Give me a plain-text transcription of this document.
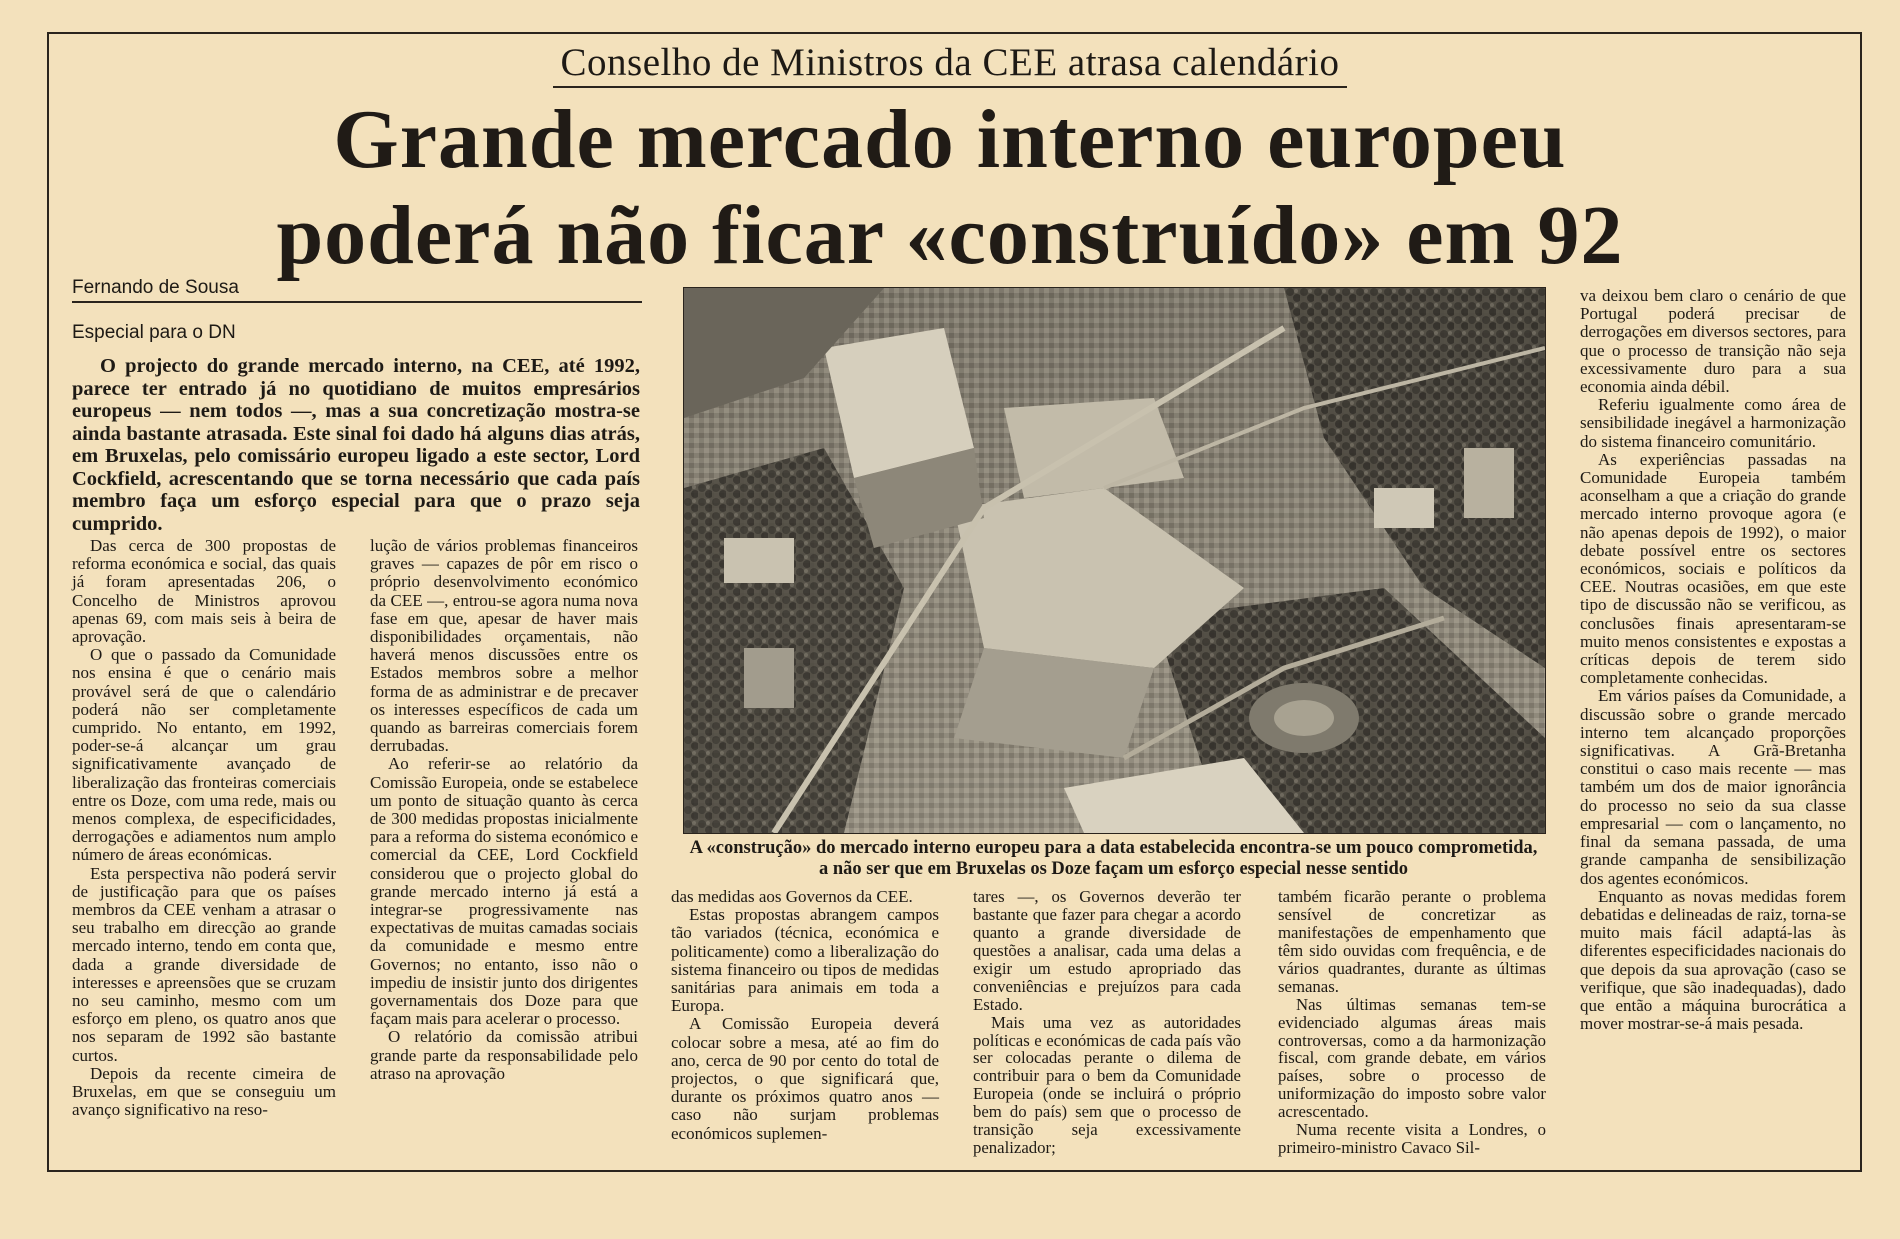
Conselho de Ministros da CEE atrasa calendário
Grande mercado interno europeu
poderá não ficar «construído» em 92
Fernando de Sousa
Especial para o DN

O projecto do grande mercado interno, na CEE, até 1992, parece ter entrado já no quotidiano de muitos empresários europeus — nem todos —, mas a sua concretização mostra-se ainda bastante atrasada. Este sinal foi dado há alguns dias atrás, em Bruxelas, pelo comissário europeu ligado a este sector, Lord Cockfield, acrescentando que se torna necessário que cada país membro faça um esforço especial para que o prazo seja cumprido.

Das cerca de 300 propostas de reforma económica e social, das quais já foram apresentadas 206, o Concelho de Ministros aprovou apenas 69, com mais seis à beira de aprovação.

O que o passado da Comunidade nos ensina é que o cenário mais provável será de que o calendário poderá não ser completamente cumprido. No entanto, em 1992, poder-se-á alcançar um grau significativamente avançado de liberalização das fronteiras comerciais entre os Doze, com uma rede, mais ou menos complexa, de especificidades, derrogações e adiamentos num amplo número de áreas económicas.

Esta perspectiva não poderá servir de justificação para que os países membros da CEE venham a atrasar o seu trabalho em direcção ao grande mercado interno, tendo em conta que, dada a grande diversidade de interesses e apreensões que se cruzam no seu caminho, mesmo com um esforço em pleno, os quatro anos que nos separam de 1992 são bastante curtos.

Depois da recente cimeira de Bruxelas, em que se conseguiu um avanço significativo na reso-

lução de vários problemas financeiros graves — capazes de pôr em risco o próprio desenvolvimento económico da CEE —, entrou-se agora numa nova fase em que, apesar de haver mais disponibilidades orçamentais, não haverá menos discussões entre os Estados membros sobre a melhor forma de as administrar e de precaver os interesses específicos de cada um quando as barreiras comerciais forem derrubadas.

Ao referir-se ao relatório da Comissão Europeia, onde se estabelece um ponto de situação quanto às cerca de 300 medidas propostas inicialmente para a reforma do sistema económico e comercial da CEE, Lord Cockfield considerou que o projecto global do grande mercado interno já está a integrar-se progressivamente nas expectativas de muitas camadas sociais da comunidade e mesmo entre Governos; no entanto, isso não o impediu de insistir junto dos dirigentes governamentais dos Doze para que façam mais para acelerar o processo.

O relatório da comissão atribui grande parte da responsabilidade pelo atraso na aprovação

A «construção» do mercado interno europeu para a data estabelecida encontra-se um pouco comprometida, a não ser que em Bruxelas os Doze façam um esforço especial nesse sentido

das medidas aos Governos da CEE.

Estas propostas abrangem campos tão variados (técnica, económica e politicamente) como a liberalização do sistema financeiro ou tipos de medidas sanitárias para animais em toda a Europa.

A Comissão Europeia deverá colocar sobre a mesa, até ao fim do ano, cerca de 90 por cento do total de projectos, o que significará que, durante os próximos quatro anos — caso não surjam problemas económicos suplemen-

tares —, os Governos deverão ter bastante que fazer para chegar a acordo quanto a grande diversidade de questões a analisar, cada uma delas a exigir um estudo apropriado das conveniências e prejuízos para cada Estado.

Mais uma vez as autoridades políticas e económicas de cada país vão ser colocadas perante o dilema de contribuir para o bem da Comunidade Europeia (onde se incluirá o próprio bem do país) sem que o processo de transição seja excessivamente penalizador;

também ficarão perante o problema sensível de concretizar as manifestações de empenhamento que têm sido ouvidas com frequência, e de vários quadrantes, durante as últimas semanas.

Nas últimas semanas tem-se evidenciado algumas áreas mais controversas, como a da harmonização fiscal, com grande debate, em vários países, sobre o processo de uniformização do imposto sobre valor acrescentado.

Numa recente visita a Londres, o primeiro-ministro Cavaco Sil-

va deixou bem claro o cenário de que Portugal poderá precisar de derrogações em diversos sectores, para que o processo de transição não seja excessivamente duro para a sua economia ainda débil.

Referiu igualmente como área de sensibilidade inegável a harmonização do sistema financeiro comunitário.

As experiências passadas na Comunidade Europeia também aconselham a que a criação do grande mercado interno provoque agora (e não apenas depois de 1992), o maior debate possível entre os sectores económicos, sociais e políticos da CEE. Noutras ocasiões, em que este tipo de discussão não se verificou, as conclusões finais apresentaram-se muito menos consistentes e expostas a críticas depois de terem sido completamente conhecidas.

Em vários países da Comunidade, a discussão sobre o grande mercado interno tem alcançado proporções significativas. A Grã-Bretanha constitui o caso mais recente — mas também um dos de maior ignorância do processo no seio da sua classe empresarial — com o lançamento, no final da semana passada, de uma grande campanha de sensibilização dos agentes económicos.

Enquanto as novas medidas forem debatidas e delineadas de raiz, torna-se muito mais fácil adaptá-las às diferentes especificidades nacionais do que depois da sua aprovação (caso se verifique, que são inadequadas), dado que então a máquina burocrática a mover mostrar-se-á mais pesada.
